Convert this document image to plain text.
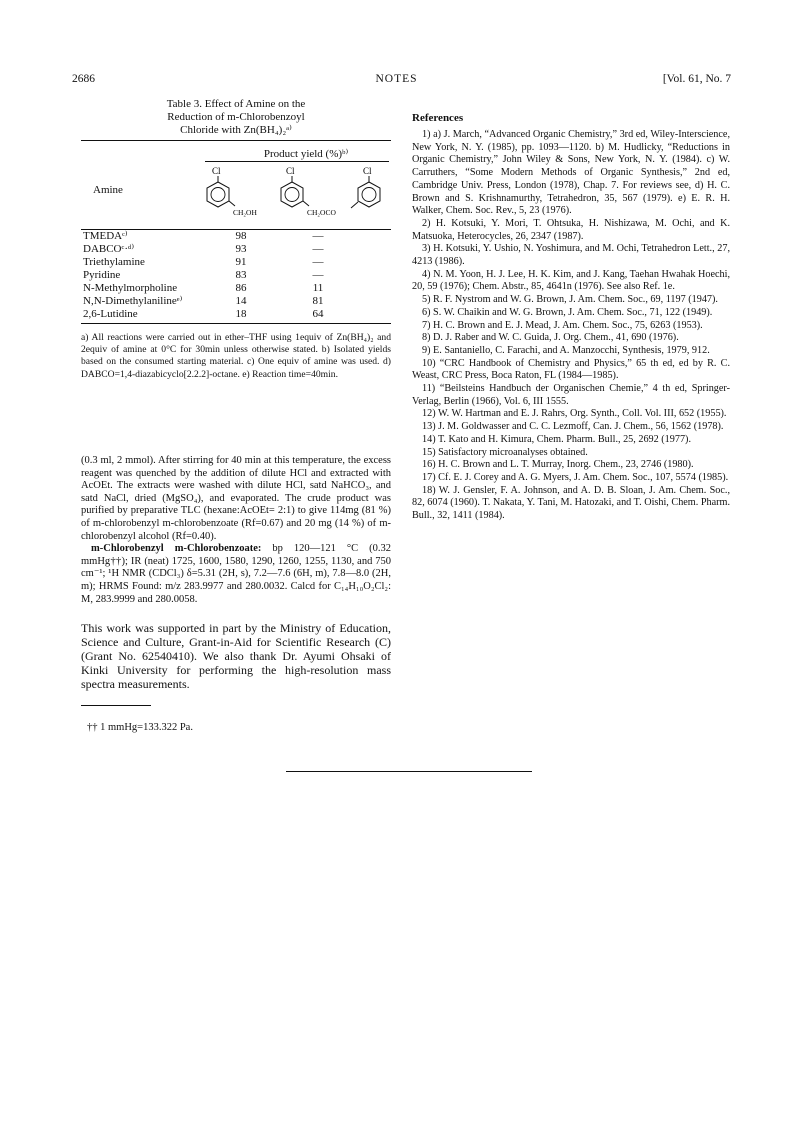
2686	NOTES	[Vol. 61, No. 7
Table 3. Effect of Amine on the
Reduction of m-Chlorobenzoyl
Chloride with Zn(BH₄)₂ᵃ⁾
Product yield (%)ᵇ⁾
Amine
Cl
CH₂OH
Cl
CH₂OCO
Cl
TMEDAᶜ⁾	98	—
DABCOᶜ·ᵈ⁾	93	—
Triethylamine	91	—
Pyridine	83	—
N-Methylmorpholine	86	11
N,N-Dimethylanilineᵉ⁾	14	81
2,6-Lutidine	18	64
a) All reactions were carried out in ether–THF using 1equiv of Zn(BH₄)₂ and 2equiv of amine at 0°C for 30min unless otherwise stated. b) Isolated yields based on the consumed starting material. c) One equiv of amine was used. d) DABCO=1,4-diazabicyclo[2.2.2]-octane. e) Reaction time=40min.

(0.3 ml, 2 mmol). After stirring for 40 min at this temperature, the excess reagent was quenched by the addition of dilute HCl and extracted with AcOEt. The extracts were washed with dilute HCl, satd NaHCO₃, and satd NaCl, dried (MgSO₄), and evaporated. The crude product was purified by preparative TLC (hexane:AcOEt= 2:1) to give 114mg (81 %) of m-chlorobenzyl m-chlorobenzoate (Rf=0.67) and 20 mg (14 %) of m-chlorobenzyl alcohol (Rf=0.40).

m-Chlorobenzyl m-Chlorobenzoate: bp 120—121 °C (0.32 mmHg††); IR (neat) 1725, 1600, 1580, 1290, 1260, 1255, 1130, and 750 cm⁻¹; ¹H NMR (CDCl₃) δ=5.31 (2H, s), 7.2—7.6 (6H, m), 7.8—8.0 (2H, m); HRMS Found: m/z 283.9977 and 280.0032. Calcd for C₁₄H₁₀O₂Cl₂: M, 283.9999 and 280.0058.

This work was supported in part by the Ministry of Education, Science and Culture, Grant-in-Aid for Scientific Research (C) (Grant No. 62540410). We also thank Dr. Ayumi Ohsaki of Kinki University for performing the high-resolution mass spectra measurements.
†† 1 mmHg=133.322 Pa.
References
1) a) J. March, “Advanced Organic Chemistry,” 3rd ed, Wiley-Interscience, New York, N. Y. (1985), pp. 1093—1120. b) M. Hudlicky, “Reductions in Organic Chemistry,” John Wiley & Sons, New York, N. Y. (1984). c) W. Carruthers, “Some Modern Methods of Organic Synthesis,” 2nd ed, Cambridge Univ. Press, London (1978), Chap. 7. For reviews see, d) H. C. Brown and S. Krishnamurthy, Tetrahedron, 35, 567 (1979). e) E. R. H. Walker, Chem. Soc. Rev., 5, 23 (1976).
2) H. Kotsuki, Y. Mori, T. Ohtsuka, H. Nishizawa, M. Ochi, and K. Matsuoka, Heterocycles, 26, 2347 (1987).
3) H. Kotsuki, Y. Ushio, N. Yoshimura, and M. Ochi, Tetrahedron Lett., 27, 4213 (1986).
4) N. M. Yoon, H. J. Lee, H. K. Kim, and J. Kang, Taehan Hwahak Hoechi, 20, 59 (1976); Chem. Abstr., 85, 4641n (1976). See also Ref. 1e.
5) R. F. Nystrom and W. G. Brown, J. Am. Chem. Soc., 69, 1197 (1947).
6) S. W. Chaikin and W. G. Brown, J. Am. Chem. Soc., 71, 122 (1949).
7) H. C. Brown and E. J. Mead, J. Am. Chem. Soc., 75, 6263 (1953).
8) D. J. Raber and W. C. Guida, J. Org. Chem., 41, 690 (1976).
9) E. Santaniello, C. Farachi, and A. Manzocchi, Synthesis, 1979, 912.
10) “CRC Handbook of Chemistry and Physics,” 65 th ed, ed by R. C. Weast, CRC Press, Boca Raton, FL (1984—1985).
11) “Beilsteins Handbuch der Organischen Chemie,” 4 th ed, Springer-Verlag, Berlin (1966), Vol. 6, III 1555.
12) W. W. Hartman and E. J. Rahrs, Org. Synth., Coll. Vol. III, 652 (1955).
13) J. M. Goldwasser and C. C. Lezmoff, Can. J. Chem., 56, 1562 (1978).
14) T. Kato and H. Kimura, Chem. Pharm. Bull., 25, 2692 (1977).
15) Satisfactory microanalyses obtained.
16) H. C. Brown and L. T. Murray, Inorg. Chem., 23, 2746 (1980).
17) Cf. E. J. Corey and A. G. Myers, J. Am. Chem. Soc., 107, 5574 (1985).
18) W. J. Gensler, F. A. Johnson, and A. D. B. Sloan, J. Am. Chem. Soc., 82, 6074 (1960). T. Nakata, Y. Tani, M. Hatozaki, and T. Oishi, Chem. Pharm. Bull., 32, 1411 (1984).
